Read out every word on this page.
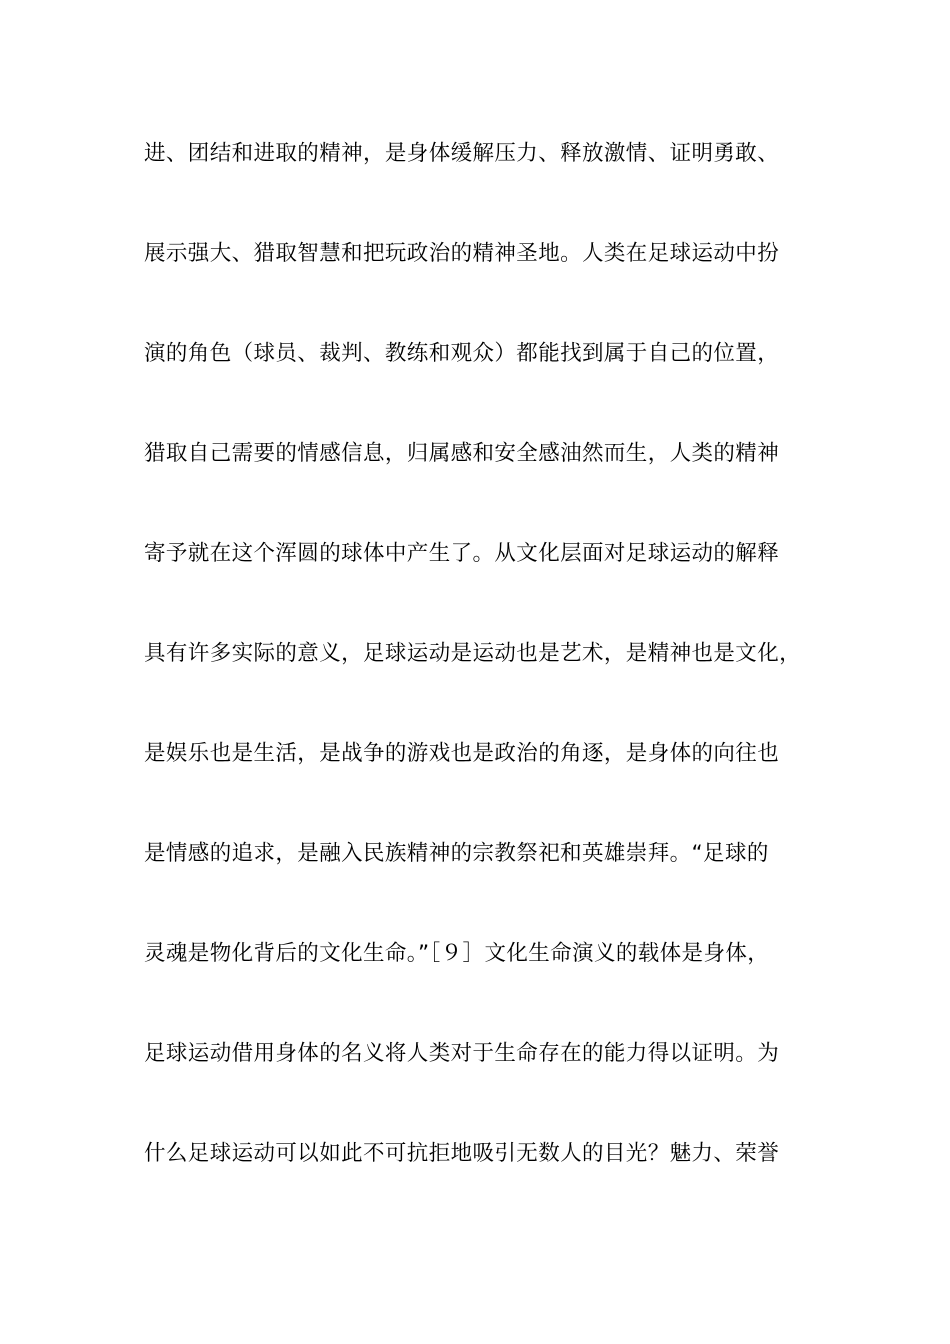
进、团结和进取的精神，是身体缓解压力、释放激情、证明勇敢、
展示强大、猎取智慧和把玩政治的精神圣地。人类在足球运动中扮
演的角色（球员、裁判、教练和观众）都能找到属于自己的位置，
猎取自己需要的情感信息，归属感和安全感油然而生，人类的精神
寄予就在这个浑圆的球体中产生了。从文化层面对足球运动的解释
具有许多实际的意义，足球运动是运动也是艺术，是精神也是文化，
是娱乐也是生活，是战争的游戏也是政治的角逐，是身体的向往也
是情感的追求，是融入民族精神的宗教祭祀和英雄崇拜。“足球的
灵魂是物化背后的文化生命。”［９］文化生命演义的载体是身体，
足球运动借用身体的名义将人类对于生命存在的能力得以证明。为
什么足球运动可以如此不可抗拒地吸引无数人的目光？魅力、荣誉
